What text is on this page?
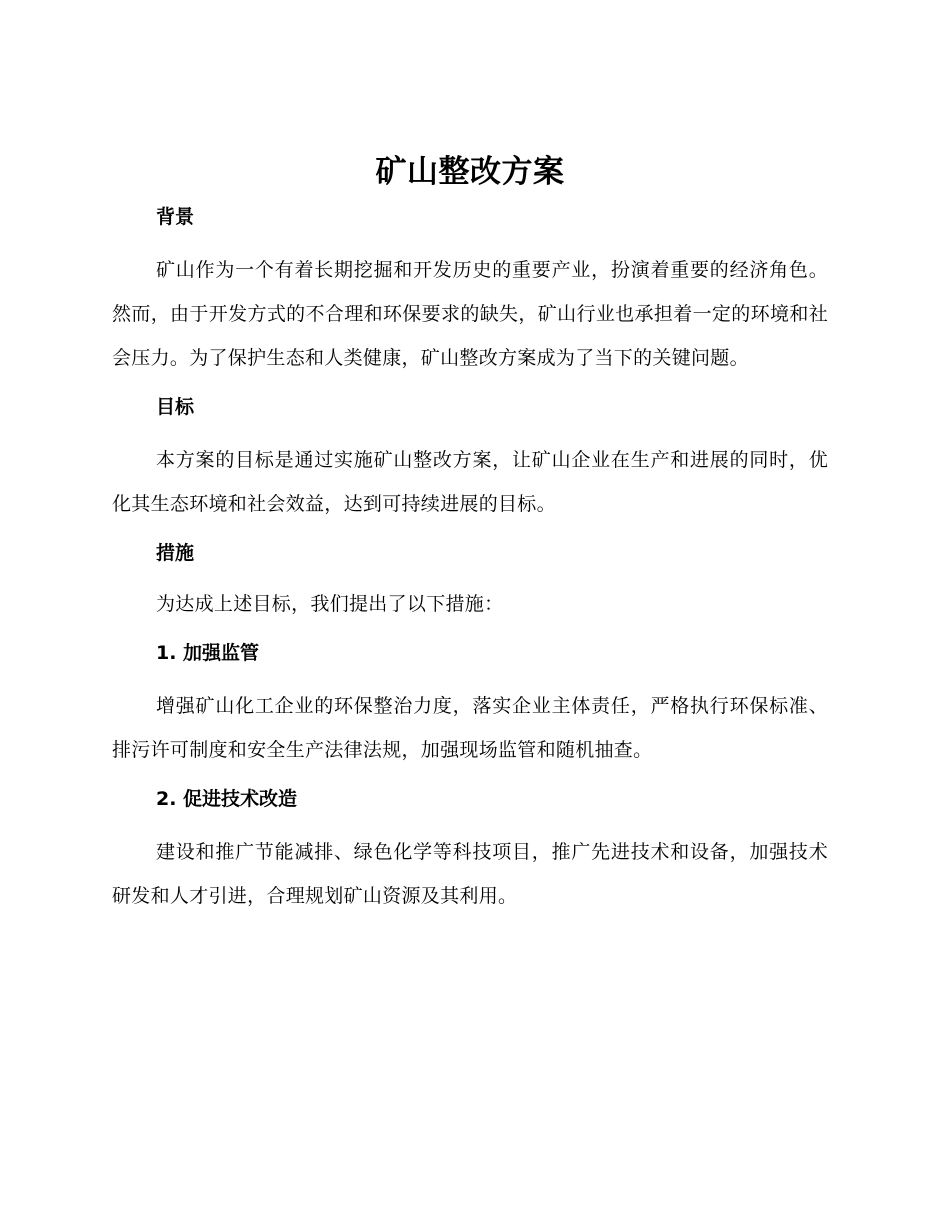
矿山整改方案
背景

矿山作为一个有着长期挖掘和开发历史的重要产业，扮演着重要的经济角色。然而，由于开发方式的不合理和环保要求的缺失，矿山行业也承担着一定的环境和社会压力。为了保护生态和人类健康，矿山整改方案成为了当下的关键问题。

目标

本方案的目标是通过实施矿山整改方案，让矿山企业在生产和进展的同时，优化其生态环境和社会效益，达到可持续进展的目标。

措施

为达成上述目标，我们提出了以下措施：

1. 加强监管

增强矿山化工企业的环保整治力度，落实企业主体责任，严格执行环保标准、排污许可制度和安全生产法律法规，加强现场监管和随机抽查。

2. 促进技术改造

建设和推广节能减排、绿色化学等科技项目，推广先进技术和设备，加强技术研发和人才引进，合理规划矿山资源及其利用。
